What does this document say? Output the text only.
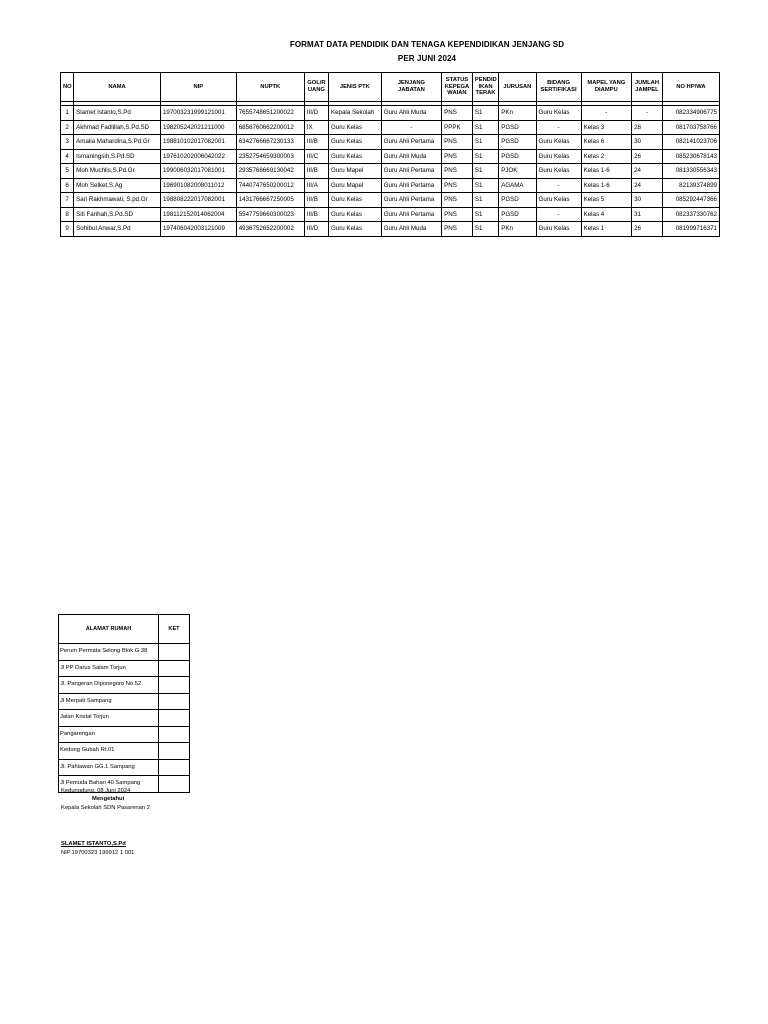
FORMAT DATA PENDIDIK DAN TENAGA KEPENDIDIKAN JENJANG SD
PER JUNI 2024
NO	NAMA	NIP	NUPTK	GOL/R UANG	JENIS PTK	JENJANG JABATAN	STATUS KEPEGA WAIAN	PENDID IKAN TERAK	JURUSAN	BIDANG SERTIFIKASI	MAPEL YANG DIAMPU	JUMLAH JAMPEL	NO HP/WA

1	Slamet Istanto,S.Pd	197003231999121001	7655748651200022	III/D	Kepala Sekolah	Guru Ahli Muda	PNS	S1	PKn	Guru Kelas	-	-	082334906775
2	Akhmad Fadlillah,S.Pd.SD	198205242021211000	6856760662200012	IX	Guru Kelas	-	PPPK	S1	PGSD	-	Kelas 3	28	081703758766
3	Amalia Mahardina,S.Pd.Gr	198810102017082001	6342766667230133	III/B	Guru Kelas	Guru Ahli Pertama	PNS	S1	PGSD	Guru Kelas	Kelas 6	30	082141023706
4	Ismaningsih,S.Pd.SD	197610202006042022	2352754659300003	III/C	Guru Kelas	Guru Ahli Muda	PNS	S1	PGSD	Guru Kelas	Kelas 2	26	085230678143
5	Moh Muchlis,S.Pd.Gr	199006032017081001	2935768669130042	III/B	Guru Mapel	Guru Ahli Pertama	PNS	S1	PJOK	Guru Kelas	Kelas 1-6	24	081330556343
6	Moh Selket,S.Ag	196901082008011012	7440747650200012	III/A	Guru Mapel	Guru Ahli Pertama	PNS	S1	AGAMA	-	Kelas 1-6	24	82139374899
7	Sari Rakhmawati, S.pd.Gr	198808222017082001	1431766667250005	III/B	Guru Kelas	Guru Ahli Pertama	PNS	S1	PGSD	Guru Kelas	Kelas 5	30	085292447366
8	Siti Farihah,S.Pd.SD	198112152014062004	5547759660300023	III/B	Guru Kelas	Guru Ahli Pertama	PNS	S1	PGSD	-	Kelas 4	31	082337330762
9	Sohibul Anwar,S.Pd	197406042003121009	4936752652200002	III/D	Guru Kelas	Guru Ahli Muda	PNS	S1	PKn	Guru Kelas	Kelas 1	26	081999716371
ALAMAT RUMAH	KET
Perum Permata Selong Blok G 38	
Jl PP Darus Salam Torjun	
Jl. Pangeran Diponegoro No.52	
Jl Merpati Sampang	
Jalan Kristal Torjun	
Pangarengan	
Kedung Gubah Rt.01	
Jl. Pahlawan GG.1 Sampang	
Jl Pemuda Bahari 40 Sampang	
Kedungdung, 08 Juni 2024
Mengetahui
Kepala Sekolah SDN Pasarenan 2
SLAMET ISTANTO,S.Pd
NIP.19700323 199912 1 001
